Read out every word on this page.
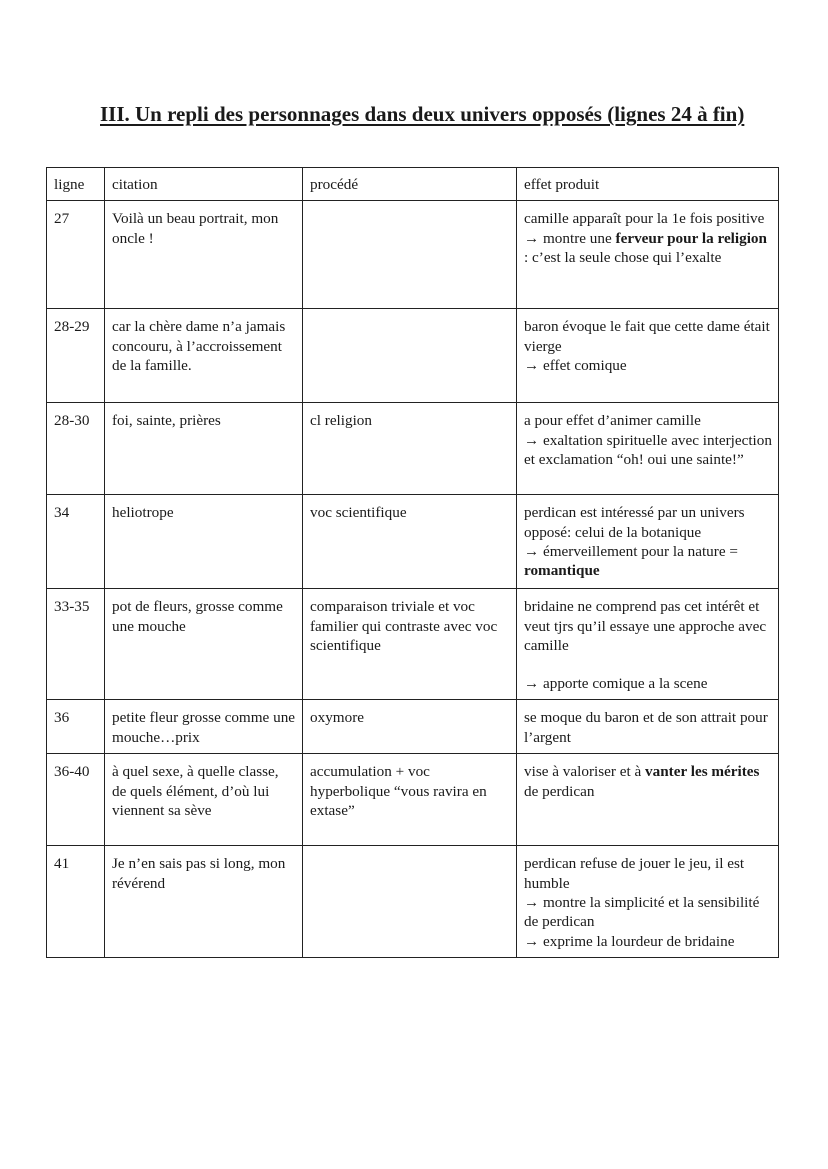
III. Un repli des personnages dans deux univers opposés (lignes 24 à fin)
ligne	citation	procédé	effet produit
27	Voilà un beau portrait, mon oncle !		camille apparaît pour la 1e fois positive → montre une ferveur pour la religion : c’est la seule chose qui l’exalte
28-29	car la chère dame n’a jamais concouru, à l’accroissement de la famille.		baron évoque le fait que cette dame était vierge
→ effet comique
28-30	foi, sainte, prières	cl religion	a pour effet d’animer camille
→ exaltation spirituelle avec interjection et exclamation “oh! oui une sainte!”
34	heliotrope	voc scientifique	perdican est intéressé par un univers opposé: celui de la botanique
→ émerveillement pour la nature = romantique
33-35	pot de fleurs, grosse comme une mouche	comparaison triviale et voc familier qui contraste avec voc scientifique	bridaine ne comprend pas cet intérêt et veut tjrs qu’il essaye une approche avec camille
→ apporte comique a la scene
36	petite fleur grosse comme une mouche…prix	oxymore	se moque du baron et de son attrait pour l’argent
36-40	à quel sexe, à quelle classe, de quels élément, d’où lui viennent sa sève	accumulation + voc hyperbolique “vous ravira en extase”	vise à valoriser et à vanter les mérites de perdican
41	Je n’en sais pas si long, mon révérend		perdican refuse de jouer le jeu, il est humble
→ montre la simplicité et la sensibilité de perdican
→ exprime la lourdeur de bridaine
